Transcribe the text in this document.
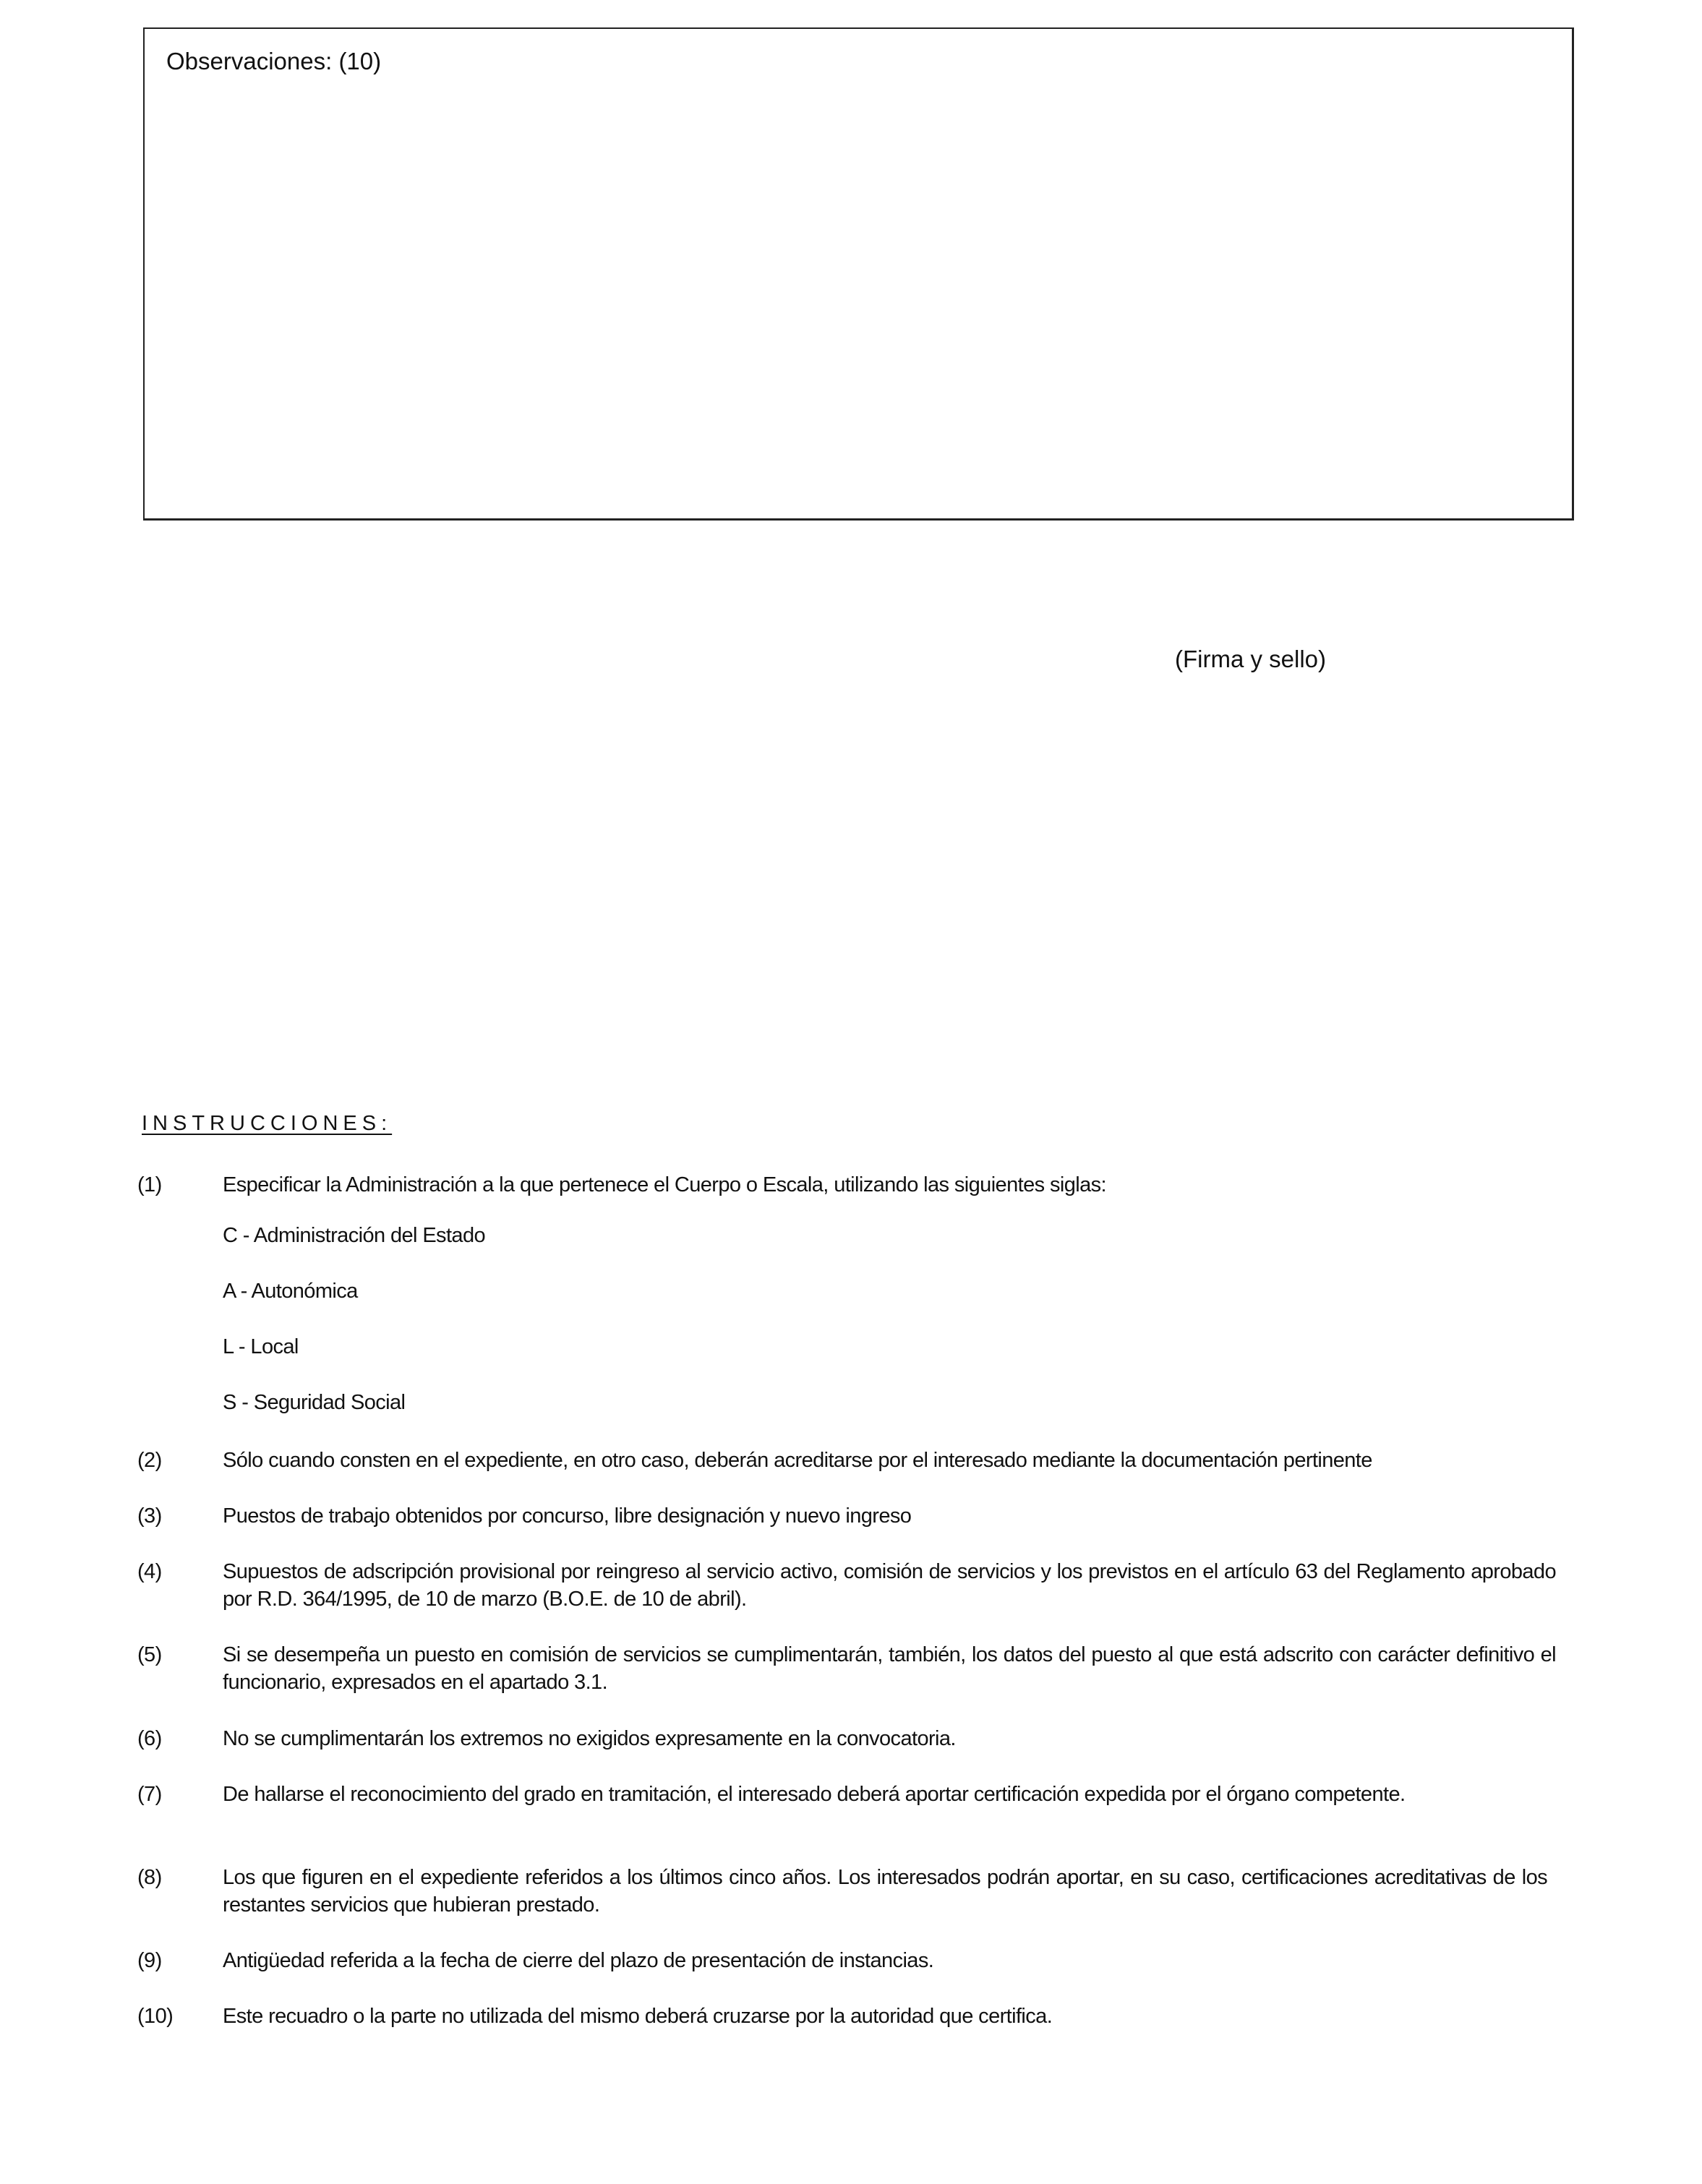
Observaciones: (10)
(Firma y sello)
INSTRUCCIONES:
(1)	Especificar la Administración a la que pertenece el Cuerpo o Escala, utilizando las siguientes siglas:
C - Administración del Estado
A - Autonómica
L - Local
S - Seguridad Social
(2)	Sólo cuando consten en el expediente, en otro caso, deberán acreditarse por el interesado mediante la documentación pertinente
(3)	Puestos de trabajo obtenidos por concurso, libre designación y nuevo ingreso
(4)	Supuestos de adscripción provisional por reingreso al servicio activo, comisión de servicios y los previstos en el artículo 63 del Reglamento aprobado por R.D. 364/1995, de 10 de marzo (B.O.E. de 10 de abril).
(5)	Si se desempeña un puesto en comisión de servicios se cumplimentarán, también, los datos del puesto al que está adscrito con carácter definitivo el funcionario, expresados en el apartado 3.1.
(6)	No se cumplimentarán los extremos no exigidos expresamente en la convocatoria.
(7)	De hallarse el reconocimiento del grado en tramitación, el interesado deberá aportar certificación expedida por el órgano competente.
(8)	Los que figuren en el expediente referidos a los últimos cinco años. Los interesados podrán aportar, en su caso, certificaciones acreditativas de los restantes servicios que hubieran prestado.
(9)	Antigüedad referida a la fecha de cierre del plazo de presentación de instancias.
(10) Este recuadro o la parte no utilizada del mismo deberá cruzarse por la autoridad que certifica.
